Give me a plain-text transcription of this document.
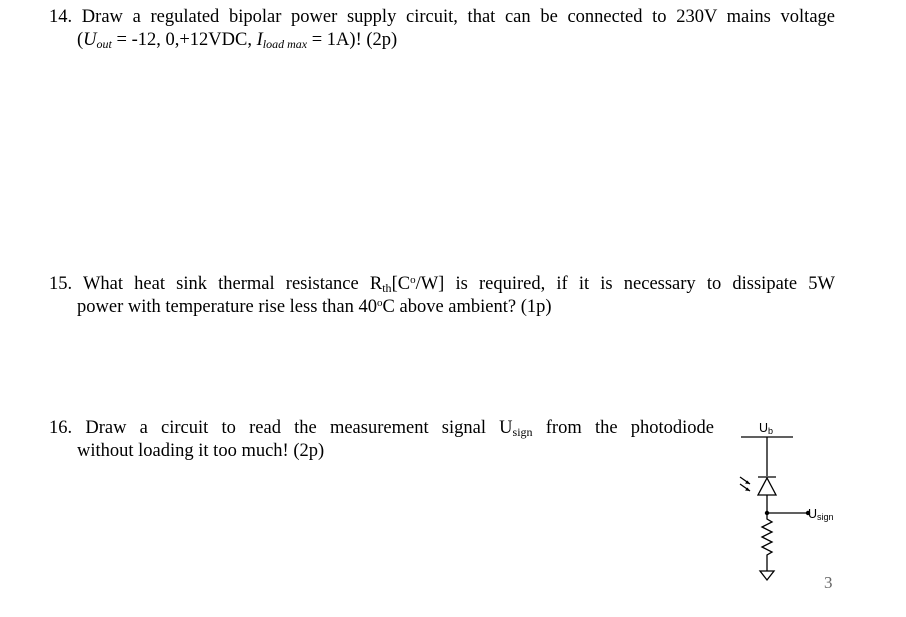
14. Draw a regulated bipolar power supply circuit, that can be connected to 230V mains voltage
($U_{out} = -12$, 0,+12VDC, $I_{load max} = 1A$)! (2p)
15. What heat sink thermal resistance $R_{th}[C^o/W]$ is required, if it is necessary to dissipate 5W
power with temperature rise less than 40$^o$C above ambient? (1p)
16. Draw a circuit to read the measurement signal $U_{sign}$ from the photodiode
without loading it too much! (2p)
Ub
Usign
3
